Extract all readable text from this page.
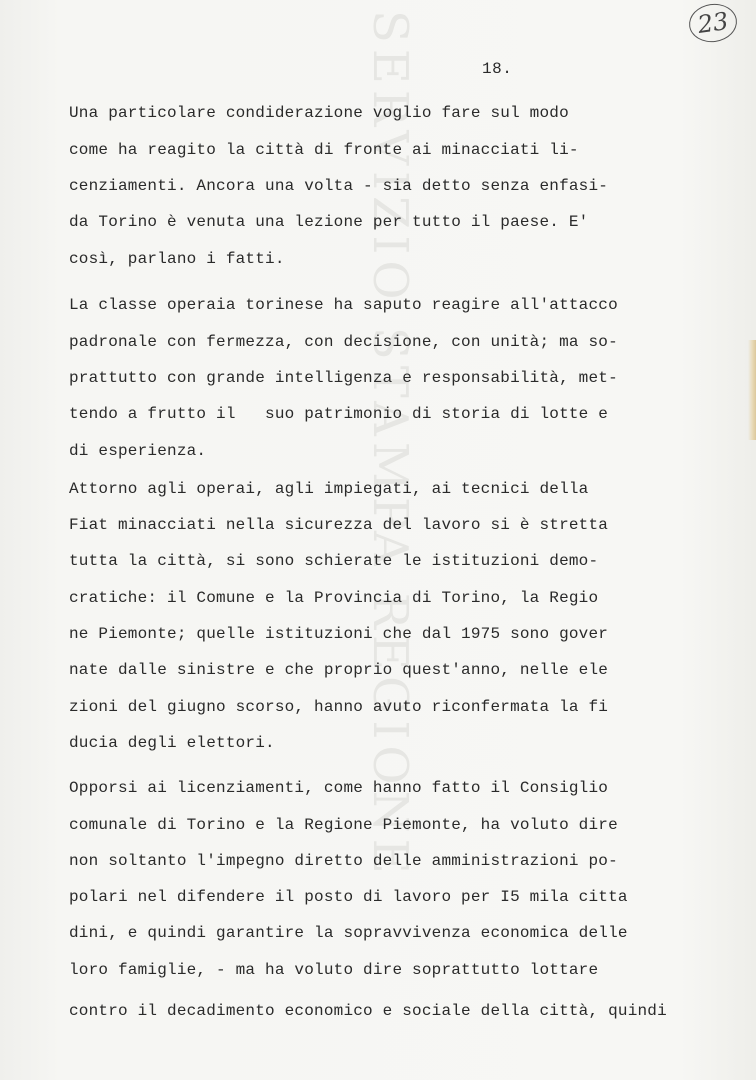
SERVIZIO STAMPA REGIONE	23
18.
Una particolare condiderazione voglio fare sul modo
come ha reagito la città di fronte ai minacciati li-
cenziamenti. Ancora una volta - sia detto senza enfasi-
da Torino è venuta una lezione per tutto il paese. E'
così, parlano i fatti.
La classe operaia torinese ha saputo reagire all'attacco
padronale con fermezza, con decisione, con unità; ma so-
prattutto con grande intelligenza e responsabilità, met-
tendo a frutto il   suo patrimonio di storia di lotte e
di esperienza.
Attorno agli operai, agli impiegati, ai tecnici della
Fiat minacciati nella sicurezza del lavoro si è stretta
tutta la città, si sono schierate le istituzioni demo-
cratiche: il Comune e la Provincia di Torino, la Regio
ne Piemonte; quelle istituzioni che dal 1975 sono gover
nate dalle sinistre e che proprio quest'anno, nelle ele
zioni del giugno scorso, hanno avuto riconfermata la fi
ducia degli elettori.
Opporsi ai licenziamenti, come hanno fatto il Consiglio
comunale di Torino e la Regione Piemonte, ha voluto dire
non soltanto l'impegno diretto delle amministrazioni po-
polari nel difendere il posto di lavoro per I5 mila citta
dini, e quindi garantire la sopravvivenza economica delle
loro famiglie, - ma ha voluto dire soprattutto lottare
contro il decadimento economico e sociale della città, quindi
